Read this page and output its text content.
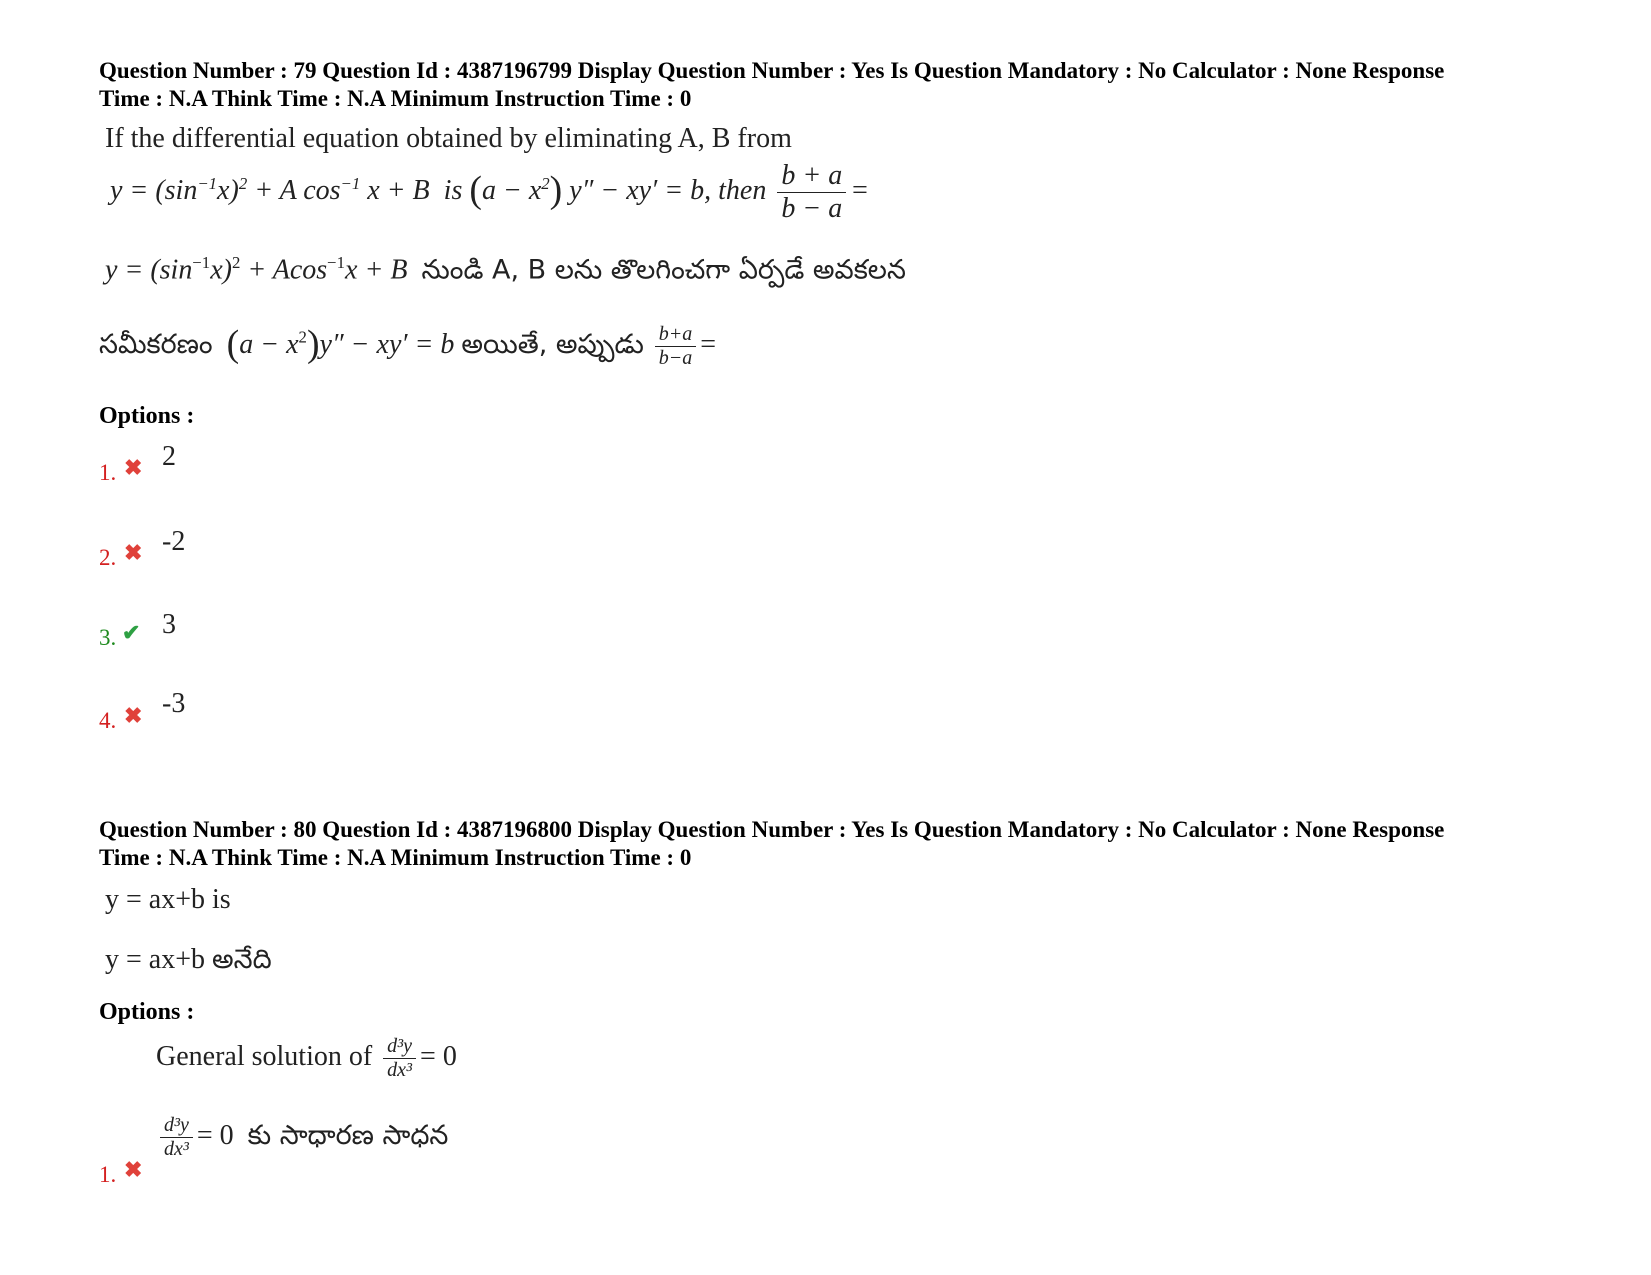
Question Number : 79 Question Id : 4387196799 Display Question Number : Yes Is Question Mandatory : No Calculator : None Response
Time : N.A Think Time : N.A Minimum Instruction Time : 0
If the differential equation obtained by eliminating A, B from
$y = (\sin^{-1}x)^2 + A$ $\cos^{-1} x + B$ is $(a - x^2)$ y″ − xy′ = b, then $\frac{b + a}{b - a}$ =
$y = (\sin^{-1}x)^2 + Acos^{-1}x + B$ నుండి A, B లను తొలగించగా ఏర్పడే అవకలన
సమీకరణం $(a - x^2)y'' - xy' = b$ అయితే, అప్పుడు $\frac{b+a}{b-a}$ =
Options :
1. ✖ 2
2. ✖ -2
3. ✔ 3
4. ✖ -3
Question Number : 80 Question Id : 4387196800 Display Question Number : Yes Is Question Mandatory : No Calculator : None Response
Time : N.A Think Time : N.A Minimum Instruction Time : 0
y = ax+b is
y = ax+b అనేది
Options :
General solution of $\frac{\text{d³y}}{\text{dx³}} = 0$
$\frac{\text{d³y}}{\text{dx³}} = 0$ కు సాధారణ సాధన
1. ✖
